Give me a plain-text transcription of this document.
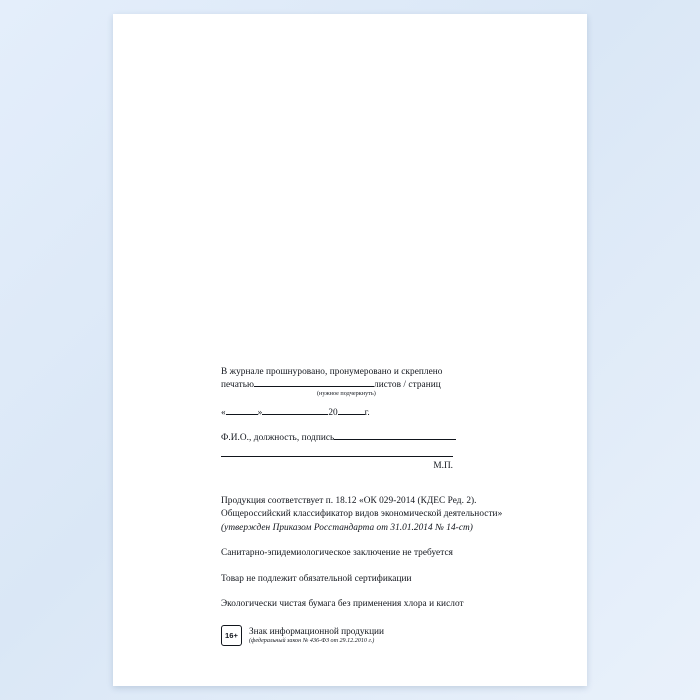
В журнале прошнуровано, пронумеровано и скреплено
печатью	листов / страниц
(нужное подчеркнуть)
«	»	20	г.
Ф.И.О., должность, подпись
М.П.
Продукция соответствует п. 18.12 «ОК 029-2014 (КДЕС Ред. 2).
Общероссийский классификатор видов экономической деятельности»
(утвержден Приказом Росстандарта от 31.01.2014 № 14-ст)
Санитарно-эпидемиологическое заключение не требуется
Товар не подлежит обязательной сертификации
Экологически чистая бумага без применения хлора и кислот
16+	Знак информационной продукции
(федеральный закон № 436-ФЗ от 29.12.2010 г.)
